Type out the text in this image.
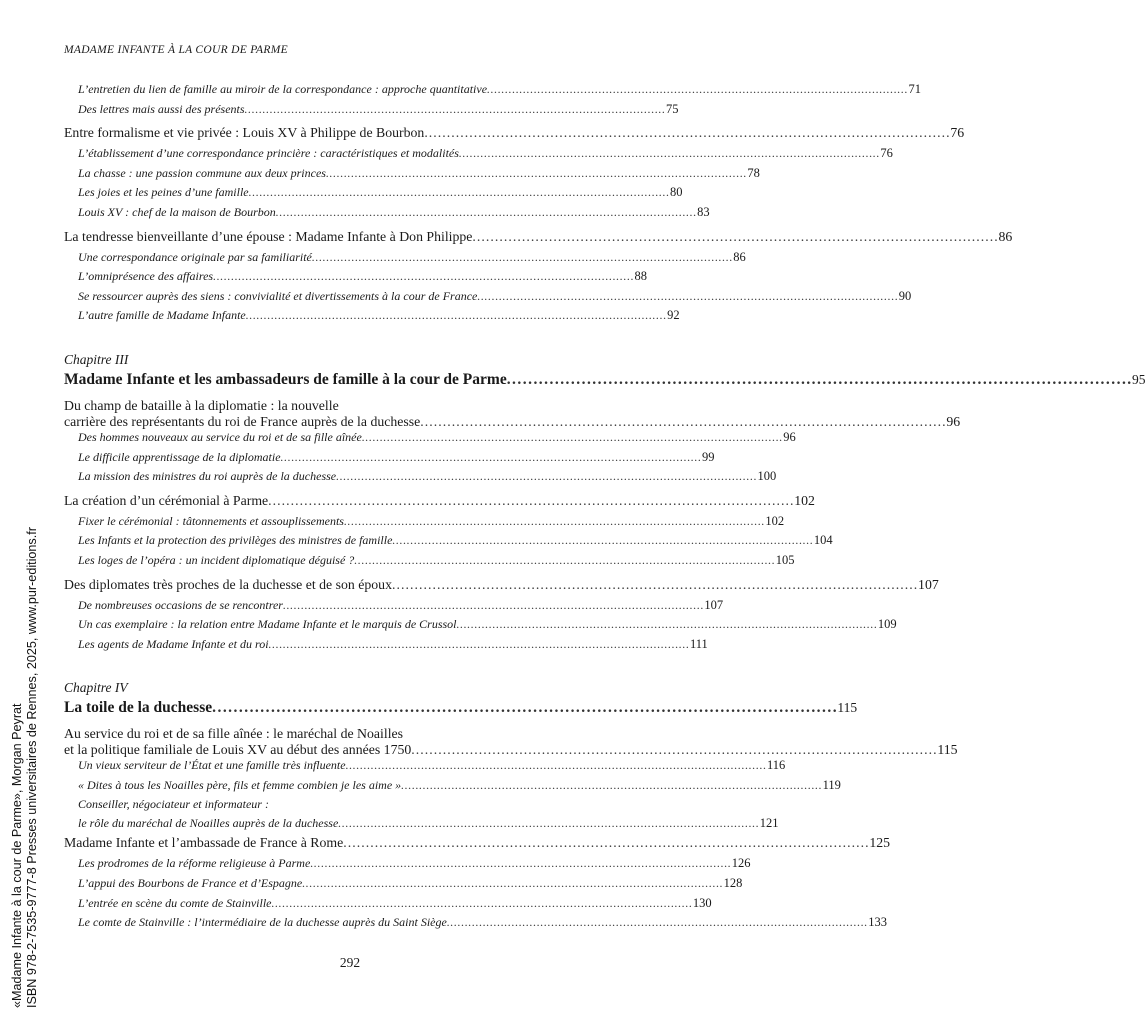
MADAME INFANTE À LA COUR DE PARME
L’entretien du lien de famille au miroir de la correspondance : approche quantitative . . .	71
Des lettres mais aussi des présents . . .	75
Entre formalisme et vie privée : Louis XV à Philippe de Bourbon . . .	76
L’établissement d’une correspondance princière : caractéristiques et modalités . . .	76
La chasse : une passion commune aux deux princes . . .	78
Les joies et les peines d’une famille . . .	80
Louis XV : chef de la maison de Bourbon . . .	83
La tendresse bienveillante d’une épouse : Madame Infante à Don Philippe . . .	86
Une correspondance originale par sa familiarité . . .	86
L’omniprésence des affaires . . .	88
Se ressourcer auprès des siens : convivialité et divertissements à la cour de France . . .	90
L’autre famille de Madame Infante . . .	92
Chapitre III
Madame Infante et les ambassadeurs de famille à la cour de Parme . . .	95
Du champ de bataille à la diplomatie : la nouvelle
carrière des représentants du roi de France auprès de la duchesse . . .	96
Des hommes nouveaux au service du roi et de sa fille aînée . . .	96
Le difficile apprentissage de la diplomatie . . .	99
La mission des ministres du roi auprès de la duchesse . . .	100
La création d’un cérémonial à Parme . . .	102
Fixer le cérémonial : tâtonnements et assouplissements . . .	102
Les Infants et la protection des privilèges des ministres de famille . . .	104
Les loges de l’opéra : un incident diplomatique déguisé ? . . .	105
Des diplomates très proches de la duchesse et de son époux . . .	107
De nombreuses occasions de se rencontrer . . .	107
Un cas exemplaire : la relation entre Madame Infante et le marquis de Crussol . . .	109
Les agents de Madame Infante et du roi . . .	111
Chapitre IV
La toile de la duchesse . . .	115
Au service du roi et de sa fille aînée : le maréchal de Noailles
et la politique familiale de Louis XV au début des années 1750 . . .	115
Un vieux serviteur de l’État et une famille très influente . . .	116
« Dites à tous les Noailles père, fils et femme combien je les aime » . . .	119
Conseiller, négociateur et informateur :
le rôle du maréchal de Noailles auprès de la duchesse . . .	121
Madame Infante et l’ambassade de France à Rome . . .	125
Les prodromes de la réforme religieuse à Parme . . .	126
L’appui des Bourbons de France et d’Espagne . . .	128
L’entrée en scène du comte de Stainville . . .	130
Le comte de Stainville : l’intermédiaire de la duchesse auprès du Saint Siège . . .	133
292
«Madame Infante à la cour de Parme», Morgan Peyrat ISBN 978-2-7535-9777-8 Presses universitaires de Rennes, 2025, www.pur-editions.fr
